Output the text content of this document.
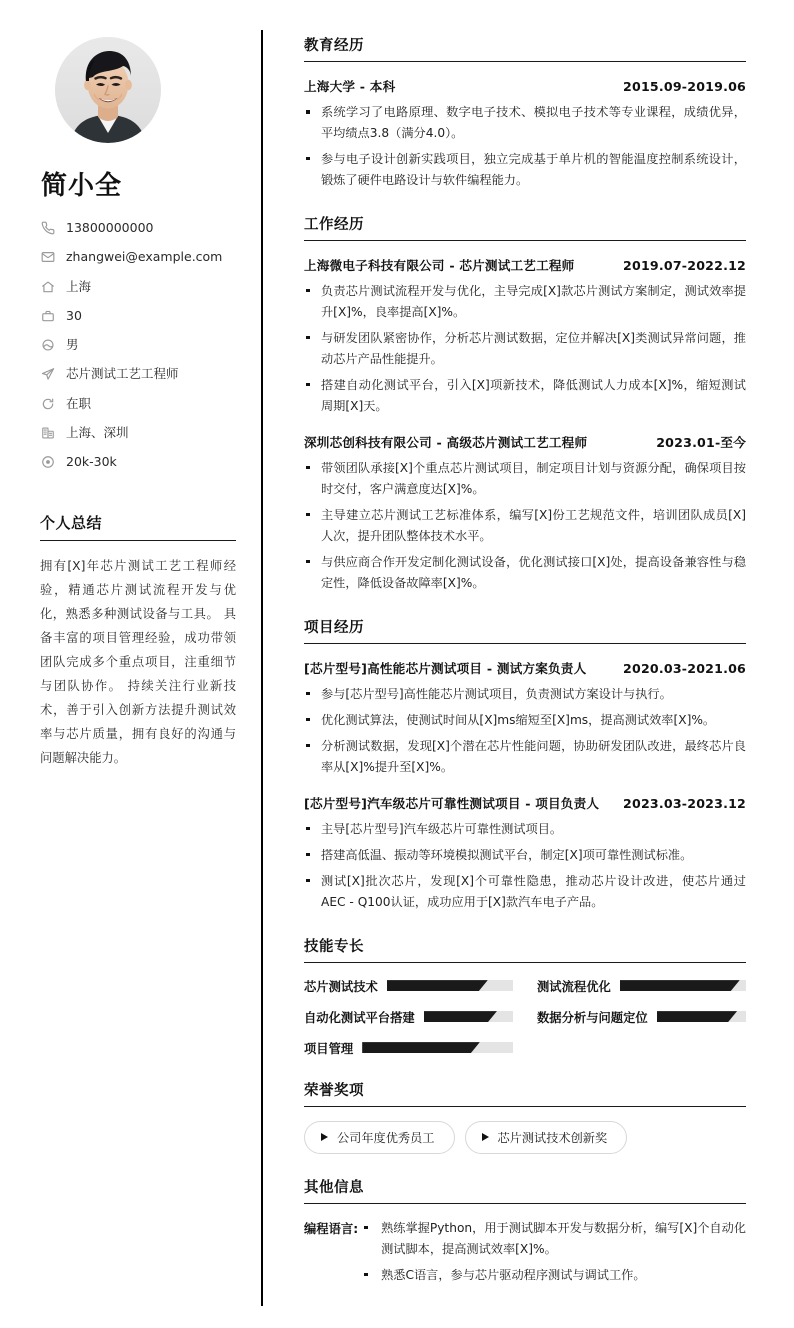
简小全
13800000000
zhangwei@example.com
上海
30
男
芯片测试工艺工程师
在职
上海、深圳
20k-30k
个人总结

拥有[X]年芯片测试工艺工程师经验，精通芯片测试流程开发与优化，熟悉多种测试设备与工具。 具备丰富的项目管理经验，成功带领团队完成多个重点项目，注重细节与团队协作。 持续关注行业新技术，善于引入创新方法提升测试效率与芯片质量，拥有良好的沟通与问题解决能力。

教育经历
上海大学 - 本科	2015.09-2019.06
系统学习了电路原理、数字电子技术、模拟电子技术等专业课程，成绩优异，平均绩点3.8（满分4.0）。
参与电子设计创新实践项目，独立完成基于单片机的智能温度控制系统设计，锻炼了硬件电路设计与软件编程能力。
工作经历
上海微电子科技有限公司 - 芯片测试工艺工程师	2019.07-2022.12
负责芯片测试流程开发与优化，主导完成[X]款芯片测试方案制定，测试效率提升[X]%，良率提高[X]%。
与研发团队紧密协作，分析芯片测试数据，定位并解决[X]类测试异常问题，推动芯片产品性能提升。
搭建自动化测试平台，引入[X]项新技术，降低测试人力成本[X]%，缩短测试周期[X]天。
深圳芯创科技有限公司 - 高级芯片测试工艺工程师	2023.01-至今
带领团队承接[X]个重点芯片测试项目，制定项目计划与资源分配，确保项目按时交付，客户满意度达[X]%。
主导建立芯片测试工艺标准体系，编写[X]份工艺规范文件，培训团队成员[X]人次，提升团队整体技术水平。
与供应商合作开发定制化测试设备，优化测试接口[X]处，提高设备兼容性与稳定性，降低设备故障率[X]%。
项目经历
[芯片型号]高性能芯片测试项目 - 测试方案负责人	2020.03-2021.06
参与[芯片型号]高性能芯片测试项目，负责测试方案设计与执行。
优化测试算法，使测试时间从[X]ms缩短至[X]ms，提高测试效率[X]%。
分析测试数据，发现[X]个潜在芯片性能问题，协助研发团队改进，最终芯片良率从[X]%提升至[X]%。
[芯片型号]汽车级芯片可靠性测试项目 - 项目负责人 2023.03-2023.12
主导[芯片型号]汽车级芯片可靠性测试项目。
搭建高低温、振动等环境模拟测试平台，制定[X]项可靠性测试标准。
测试[X]批次芯片，发现[X]个可靠性隐患，推动芯片设计改进，使芯片通过AEC - Q100认证，成功应用于[X]款汽车电子产品。
技能专长
芯片测试技术	测试流程优化
自动化测试平台搭建	数据分析与问题定位
项目管理
荣誉奖项
公司年度优秀员工	芯片测试技术创新奖
其他信息
编程语言:	熟练掌握Python，用于测试脚本开发与数据分析，编写[X]个自动化测试脚本，提高测试效率[X]%。
熟悉C语言，参与芯片驱动程序测试与调试工作。
